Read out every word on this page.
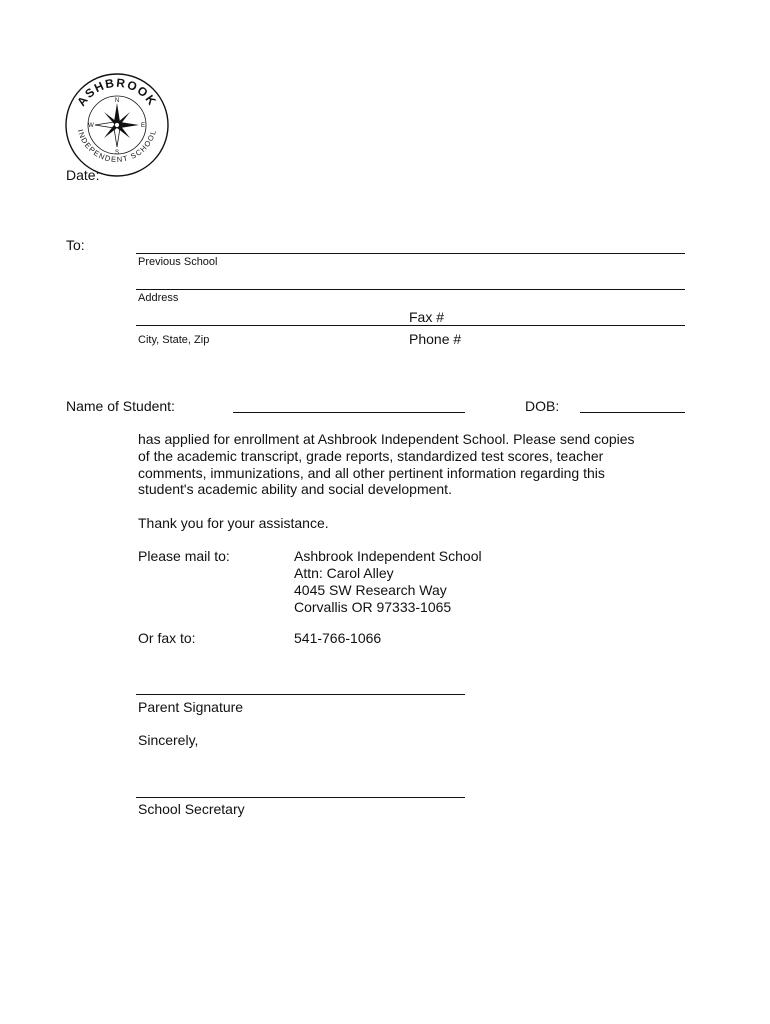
ASHBROOK
INDEPENDENT SCHOOL
N
E
S
W
Date:
To:
Previous School
Address
Fax #
City, State, Zip	Phone #
Name of Student:	DOB:
has applied for enrollment at Ashbrook Independent School. Please send copies
of the academic transcript, grade reports, standardized test scores, teacher
comments, immunizations, and all other pertinent information regarding this
student's academic ability and social development.
Thank you for your assistance.
Please mail to:	Ashbrook Independent School
Attn: Carol Alley
4045 SW Research Way
Corvallis OR 97333-1065
Or fax to:	541-766-1066
Parent Signature
Sincerely,
School Secretary
